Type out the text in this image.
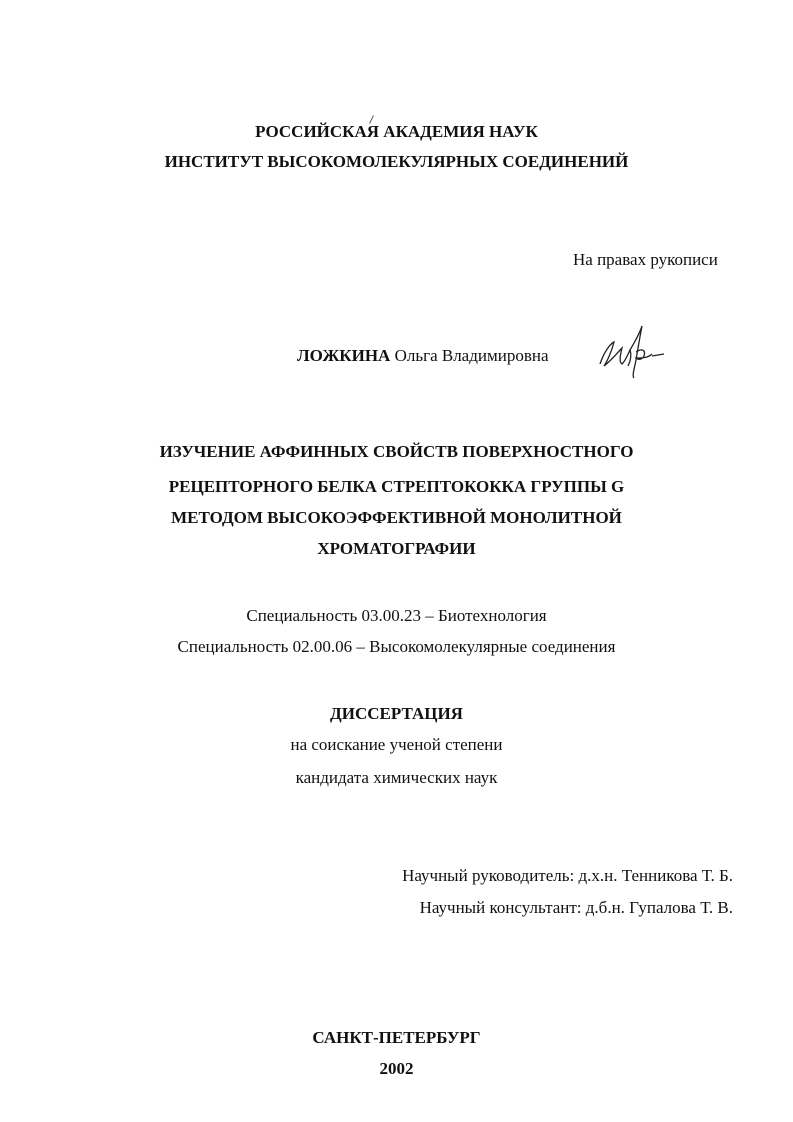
РОССИЙСКАЯ АКАДЕМИЯ НАУК
ИНСТИТУТ ВЫСОКОМОЛЕКУЛЯРНЫХ СОЕДИНЕНИЙ
На правах рукописи
ЛОЖКИНА Ольга Владимировна
ИЗУЧЕНИЕ АФФИННЫХ СВОЙСТВ ПОВЕРХНОСТНОГО
РЕЦЕПТОРНОГО БЕЛКА СТРЕПТОКОККА ГРУППЫ G
МЕТОДОМ ВЫСОКОЭФФЕКТИВНОЙ МОНОЛИТНОЙ
ХРОМАТОГРАФИИ
Специальность 03.00.23 – Биотехнология
Специальность 02.00.06 – Высокомолекулярные соединения
ДИССЕРТАЦИЯ
на соискание ученой степени
кандидата химических наук
Научный руководитель: д.х.н. Тенникова Т. Б.
Научный консультант: д.б.н. Гупалова Т. В.
САНКТ-ПЕТЕРБУРГ
2002
